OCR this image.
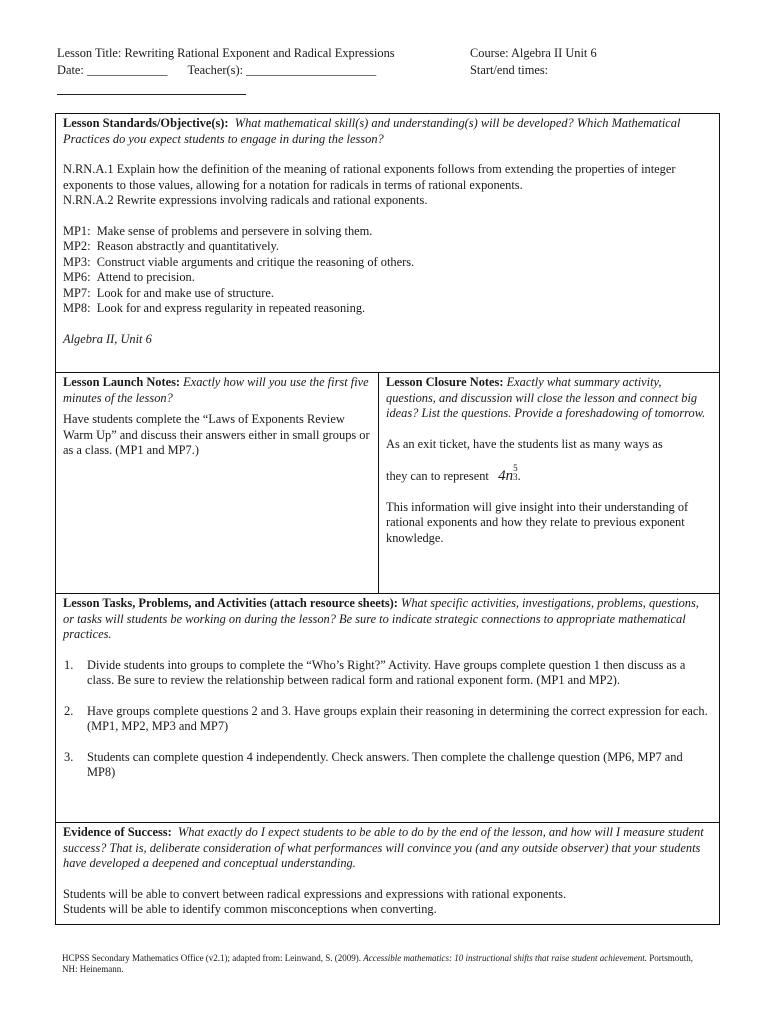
Lesson Title: Rewriting Rational Exponent and Radical Expressions	Course: Algebra II Unit 6
Date: _____________ Teacher(s): _____________________	Start/end times:

Lesson Standards/Objective(s): What mathematical skill(s) and understanding(s) will be developed? Which Mathematical Practices do you expect students to engage in during the lesson?

N.RN.A.1 Explain how the definition of the meaning of rational exponents follows from extending the properties of integer exponents to those values, allowing for a notation for radicals in terms of rational exponents.

N.RN.A.2 Rewrite expressions involving radicals and rational exponents.

MP1: Make sense of problems and persevere in solving them.

MP2: Reason abstractly and quantitatively.

MP3: Construct viable arguments and critique the reasoning of others.

MP6: Attend to precision.

MP7: Look for and make use of structure.

MP8: Look for and express regularity in repeated reasoning.

Algebra II, Unit 6

Lesson Launch Notes: Exactly how will you use the first five minutes of the lesson?

Have students complete the “Laws of Exponents Review Warm Up” and discuss their answers either in small groups or as a class. (MP1 and MP7.)

Lesson Closure Notes: Exactly what summary activity, questions, and discussion will close the lesson and connect big ideas? List the questions. Provide a foreshadowing of tomorrow.

As an exit ticket, have the students list as many ways as

they can to represent 4n 5
3 .

This information will give insight into their understanding of rational exponents and how they relate to previous exponent knowledge.

Lesson Tasks, Problems, and Activities (attach resource sheets): What specific activities, investigations, problems, questions, or tasks will students be working on during the lesson? Be sure to indicate strategic connections to appropriate mathematical practices.

1.	Divide students into groups to complete the “Who’s Right?” Activity. Have groups complete question 1 then discuss as a class. Be sure to review the relationship between radical form and rational exponent form. (MP1 and MP2).
2.	Have groups complete questions 2 and 3. Have groups explain their reasoning in determining the correct expression for each. (MP1, MP2, MP3 and MP7)
3.	Students can complete question 4 independently. Check answers. Then complete the challenge question (MP6, MP7 and MP8)

Evidence of Success: What exactly do I expect students to be able to do by the end of the lesson, and how will I measure student success? That is, deliberate consideration of what performances will convince you (and any outside observer) that your students have developed a deepened and conceptual understanding.

Students will be able to convert between radical expressions and expressions with rational exponents.

Students will be able to identify common misconceptions when converting.

HCPSS Secondary Mathematics Office (v2.1); adapted from: Leinwand, S. (2009). Accessible mathematics: 10 instructional shifts that raise student achievement. Portsmouth, NH: Heinemann.
